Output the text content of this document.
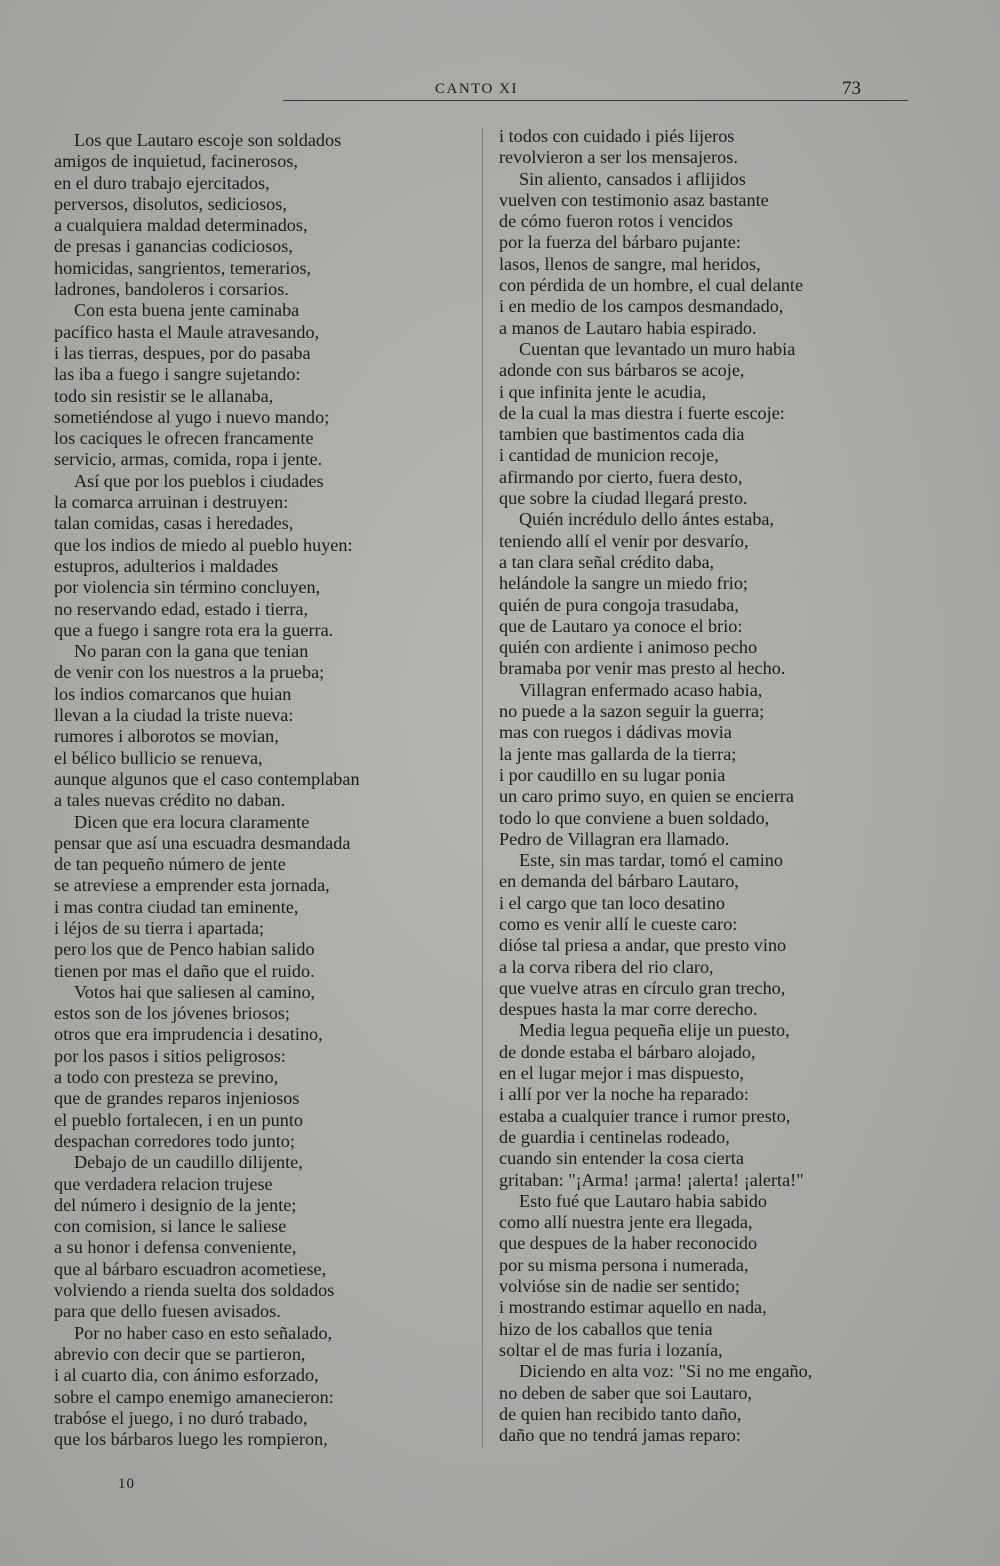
CANTO XI	73
Los que Lautaro escoje son soldados
amigos de inquietud, facinerosos,
en el duro trabajo ejercitados,
perversos, disolutos, sediciosos,
a cualquiera maldad determinados,
de presas i ganancias codiciosos,
homicidas, sangrientos, temerarios,
ladrones, bandoleros i corsarios.
Con esta buena jente caminaba
pacífico hasta el Maule atravesando,
i las tierras, despues, por do pasaba
las iba a fuego i sangre sujetando:
todo sin resistir se le allanaba,
sometiéndose al yugo i nuevo mando;
los caciques le ofrecen francamente
servicio, armas, comida, ropa i jente.
Así que por los pueblos i ciudades
la comarca arruinan i destruyen:
talan comidas, casas i heredades,
que los indios de miedo al pueblo huyen:
estupros, adulterios i maldades
por violencia sin término concluyen,
no reservando edad, estado i tierra,
que a fuego i sangre rota era la guerra.
No paran con la gana que tenian
de venir con los nuestros a la prueba;
los indios comarcanos que huian
llevan a la ciudad la triste nueva:
rumores i alborotos se movian,
el bélico bullicio se renueva,
aunque algunos que el caso contemplaban
a tales nuevas crédito no daban.
Dicen que era locura claramente
pensar que así una escuadra desmandada
de tan pequeño número de jente
se atreviese a emprender esta jornada,
i mas contra ciudad tan eminente,
i léjos de su tierra i apartada;
pero los que de Penco habian salido
tienen por mas el daño que el ruido.
Votos hai que saliesen al camino,
estos son de los jóvenes briosos;
otros que era imprudencia i desatino,
por los pasos i sitios peligrosos:
a todo con presteza se previno,
que de grandes reparos injeniosos
el pueblo fortalecen, i en un punto
despachan corredores todo junto;
Debajo de un caudillo dilijente,
que verdadera relacion trujese
del número i designio de la jente;
con comision, si lance le saliese
a su honor i defensa conveniente,
que al bárbaro escuadron acometiese,
volviendo a rienda suelta dos soldados
para que dello fuesen avisados.
Por no haber caso en esto señalado,
abrevio con decir que se partieron,
i al cuarto dia, con ánimo esforzado,
sobre el campo enemigo amanecieron:
trabóse el juego, i no duró trabado,
que los bárbaros luego les rompieron,
i todos con cuidado i piés lijeros
revolvieron a ser los mensajeros.
Sin aliento, cansados i aflijidos
vuelven con testimonio asaz bastante
de cómo fueron rotos i vencidos
por la fuerza del bárbaro pujante:
lasos, llenos de sangre, mal heridos,
con pérdida de un hombre, el cual delante
i en medio de los campos desmandado,
a manos de Lautaro habia espirado.
Cuentan que levantado un muro habia
adonde con sus bárbaros se acoje,
i que infinita jente le acudia,
de la cual la mas diestra i fuerte escoje:
tambien que bastimentos cada dia
i cantidad de municion recoje,
afirmando por cierto, fuera desto,
que sobre la ciudad llegará presto.
Quién incrédulo dello ántes estaba,
teniendo allí el venir por desvarío,
a tan clara señal crédito daba,
helándole la sangre un miedo frio;
quién de pura congoja trasudaba,
que de Lautaro ya conoce el brio:
quién con ardiente i animoso pecho
bramaba por venir mas presto al hecho.
Villagran enfermado acaso habia,
no puede a la sazon seguir la guerra;
mas con ruegos i dádivas movia
la jente mas gallarda de la tierra;
i por caudillo en su lugar ponia
un caro primo suyo, en quien se encierra
todo lo que conviene a buen soldado,
Pedro de Villagran era llamado.
Este, sin mas tardar, tomó el camino
en demanda del bárbaro Lautaro,
i el cargo que tan loco desatino
como es venir allí le cueste caro:
dióse tal priesa a andar, que presto vino
a la corva ribera del rio claro,
que vuelve atras en círculo gran trecho,
despues hasta la mar corre derecho.
Media legua pequeña elije un puesto,
de donde estaba el bárbaro alojado,
en el lugar mejor i mas dispuesto,
i allí por ver la noche ha reparado:
estaba a cualquier trance i rumor presto,
de guardia i centinelas rodeado,
cuando sin entender la cosa cierta
gritaban: "¡Arma! ¡arma! ¡alerta! ¡alerta!"
Esto fué que Lautaro habia sabido
como allí nuestra jente era llegada,
que despues de la haber reconocido
por su misma persona i numerada,
volvióse sin de nadie ser sentido;
i mostrando estimar aquello en nada,
hizo de los caballos que tenia
soltar el de mas furia i lozanía,
Diciendo en alta voz: "Si no me engaño,
no deben de saber que soi Lautaro,
de quien han recibido tanto daño,
daño que no tendrá jamas reparo:
10
